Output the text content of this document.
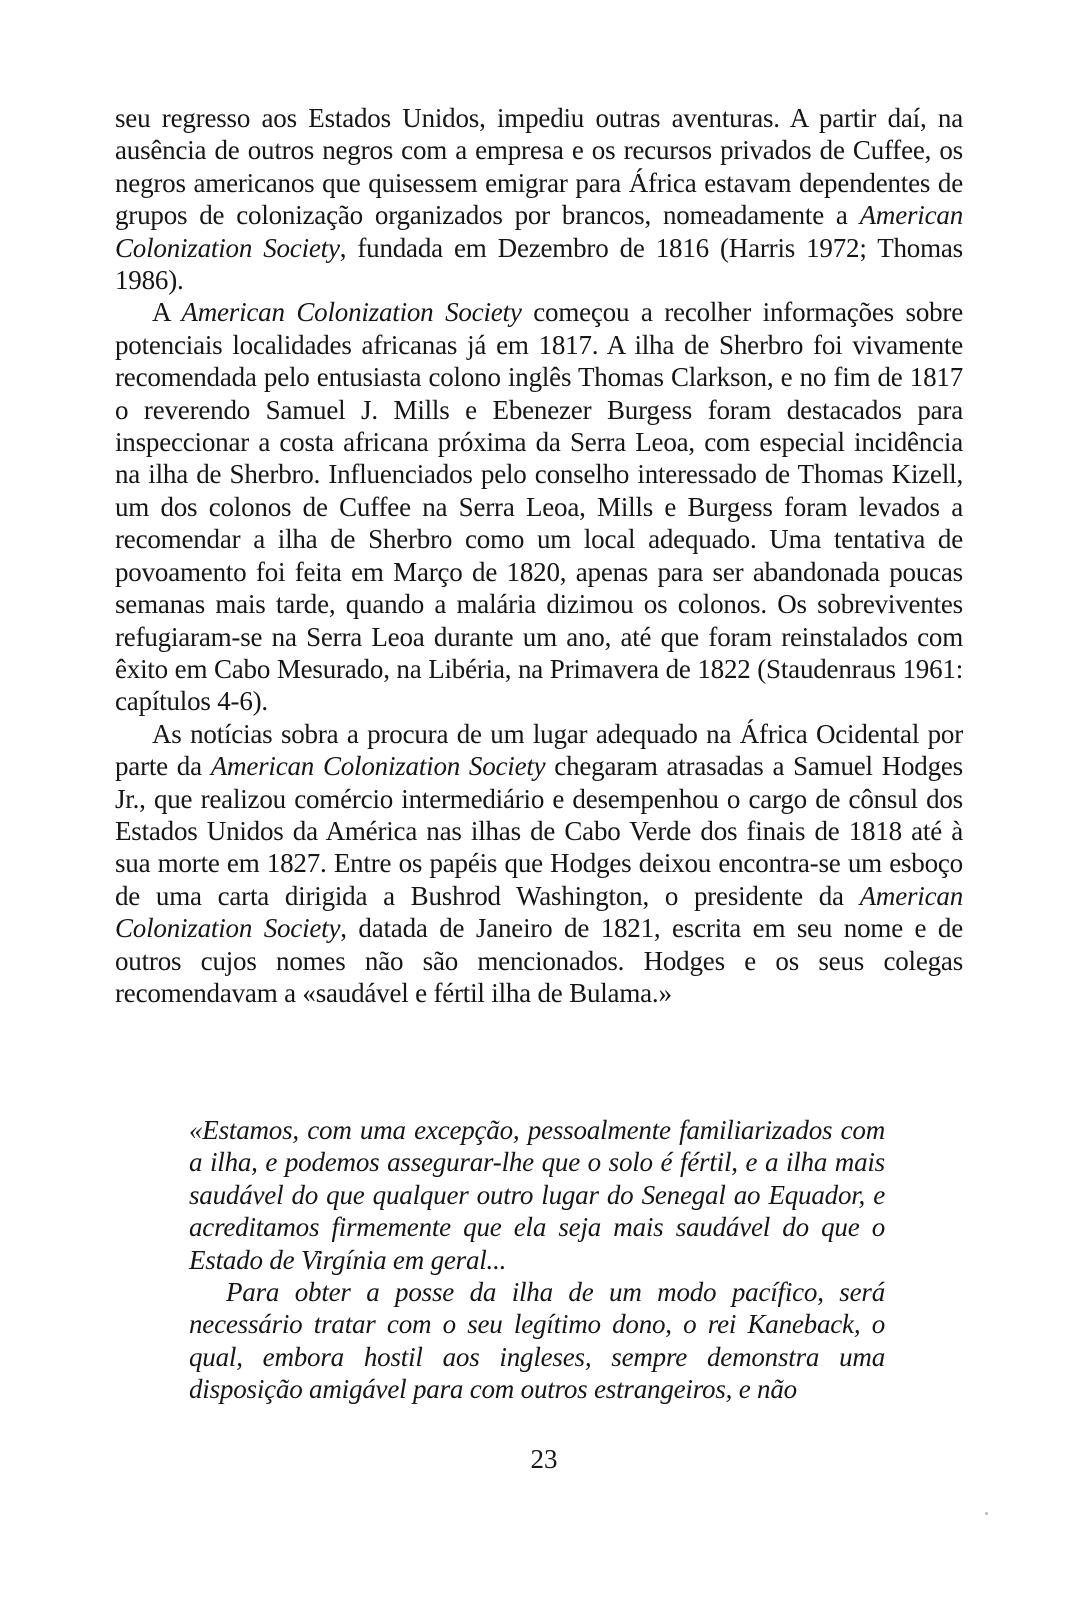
seu regresso aos Estados Unidos, impediu outras aventuras. A partir daí, na ausência de outros negros com a empresa e os recursos privados de Cuffee, os negros americanos que quisessem emigrar para África estavam dependentes de grupos de colonização organizados por brancos, nomeadamente a American Colonization Society, fundada em Dezembro de 1816 (Harris 1972; Thomas 1986).

A American Colonization Society começou a recolher informações sobre potenciais localidades africanas já em 1817. A ilha de Sherbro foi vivamente recomendada pelo entusiasta colono inglês Thomas Clarkson, e no fim de 1817 o reverendo Samuel J. Mills e Ebenezer Burgess foram destacados para inspeccionar a costa africana próxima da Serra Leoa, com especial incidência na ilha de Sherbro. Influenciados pelo conselho interessado de Thomas Kizell, um dos colonos de Cuffee na Serra Leoa, Mills e Burgess foram levados a recomendar a ilha de Sherbro como um local adequado. Uma tentativa de povoamento foi feita em Março de 1820, apenas para ser abandonada poucas semanas mais tarde, quando a malária dizimou os colonos. Os sobreviventes refugiaram-se na Serra Leoa durante um ano, até que foram reinstalados com êxito em Cabo Mesurado, na Libéria, na Primavera de 1822 (Staudenraus 1961: capítulos 4-6).

As notícias sobra a procura de um lugar adequado na África Ocidental por parte da American Colonization Society chegaram atrasadas a Samuel Hodges Jr., que realizou comércio intermediário e desempenhou o cargo de cônsul dos Estados Unidos da América nas ilhas de Cabo Verde dos finais de 1818 até à sua morte em 1827. Entre os papéis que Hodges deixou encontra-se um esboço de uma carta dirigida a Bushrod Washington, o presidente da American Colonization Society, datada de Janeiro de 1821, escrita em seu nome e de outros cujos nomes não são mencionados. Hodges e os seus colegas recomendavam a «saudável e fértil ilha de Bulama.»

«Estamos, com uma excepção, pessoalmente familiarizados com a ilha, e podemos assegurar-lhe que o solo é fértil, e a ilha mais saudável do que qualquer outro lugar do Senegal ao Equador, e acreditamos firmemente que ela seja mais saudável do que o Estado de Virgínia em geral...

Para obter a posse da ilha de um modo pacífico, será necessário tratar com o seu legítimo dono, o rei Kaneback, o qual, embora hostil aos ingleses, sempre demonstra uma disposição amigável para com outros estrangeiros, e não

23
